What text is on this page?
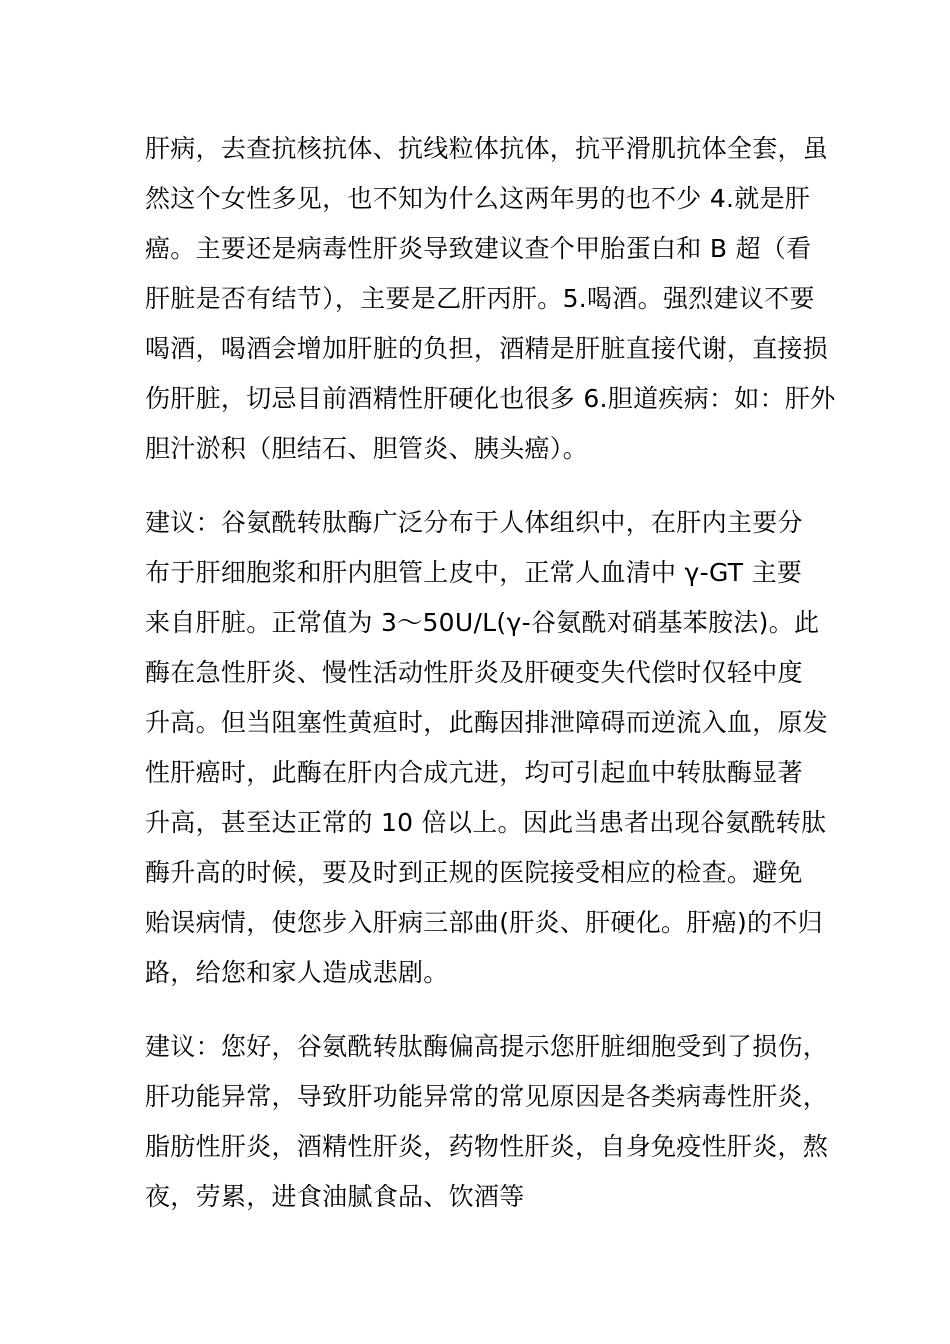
肝病，去查抗核抗体、抗线粒体抗体，抗平滑肌抗体全套，虽
然这个女性多见，也不知为什么这两年男的也不少 4.就是肝
癌。主要还是病毒性肝炎导致建议查个甲胎蛋白和 B 超（看
肝脏是否有结节），主要是乙肝丙肝。5.喝酒。强烈建议不要
喝酒，喝酒会增加肝脏的负担，酒精是肝脏直接代谢，直接损
伤肝脏，切忌目前酒精性肝硬化也很多 6.胆道疾病：如：肝外
胆汁淤积（胆结石、胆管炎、胰头癌）。
建议：谷氨酰转肽酶广泛分布于人体组织中，在肝内主要分
布于肝细胞浆和肝内胆管上皮中，正常人血清中 γ-GT 主要
来自肝脏。正常值为 3～50U/L(γ-谷氨酰对硝基苯胺法)。此
酶在急性肝炎、慢性活动性肝炎及肝硬变失代偿时仅轻中度
升高。但当阻塞性黄疸时，此酶因排泄障碍而逆流入血，原发
性肝癌时，此酶在肝内合成亢进，均可引起血中转肽酶显著
升高，甚至达正常的 10 倍以上。因此当患者出现谷氨酰转肽
酶升高的时候，要及时到正规的医院接受相应的检查。避免
贻误病情，使您步入肝病三部曲(肝炎、肝硬化。肝癌)的不归
路，给您和家人造成悲剧。
建议：您好，谷氨酰转肽酶偏高提示您肝脏细胞受到了损伤，
肝功能异常，导致肝功能异常的常见原因是各类病毒性肝炎，
脂肪性肝炎，酒精性肝炎，药物性肝炎，自身免疫性肝炎，熬
夜，劳累，进食油腻食品、饮酒等
